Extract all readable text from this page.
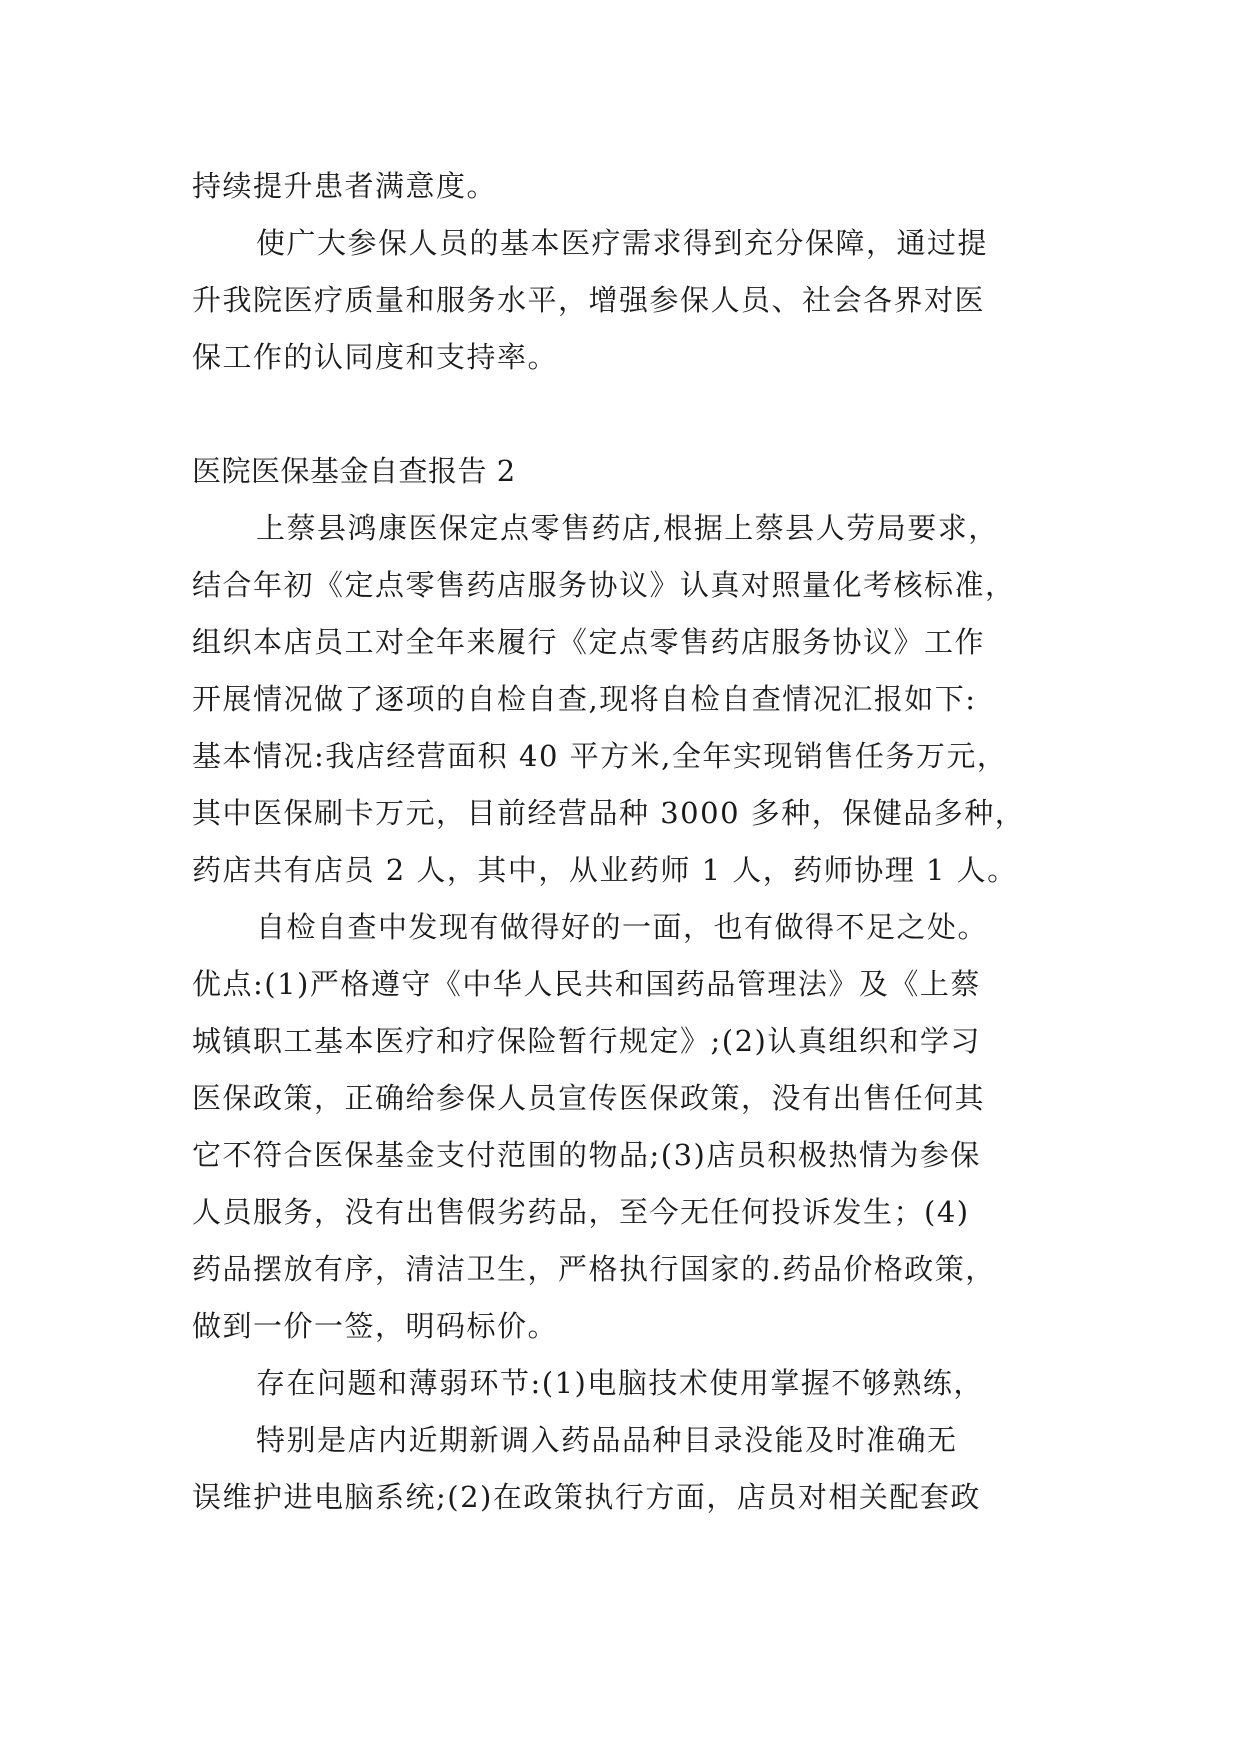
持续提升患者满意度。
使广大参保人员的基本医疗需求得到充分保障，通过提
升我院医疗质量和服务水平，增强参保人员、社会各界对医
保工作的认同度和支持率。
医院医保基金自查报告 2
上蔡县鸿康医保定点零售药店,根据上蔡县人劳局要求，
结合年初《定点零售药店服务协议》认真对照量化考核标准，
组织本店员工对全年来履行《定点零售药店服务协议》工作
开展情况做了逐项的自检自查,现将自检自查情况汇报如下:
基本情况:我店经营面积 40 平方米,全年实现销售任务万元，
其中医保刷卡万元，目前经营品种 3000 多种，保健品多种，
药店共有店员 2 人，其中，从业药师 1 人，药师协理 1 人。
自检自查中发现有做得好的一面，也有做得不足之处。
优点:(1)严格遵守《中华人民共和国药品管理法》及《上蔡
城镇职工基本医疗和疗保险暂行规定》;(2)认真组织和学习
医保政策，正确给参保人员宣传医保政策，没有出售任何其
它不符合医保基金支付范围的物品;(3)店员积极热情为参保
人员服务，没有出售假劣药品，至今无任何投诉发生；(4)
药品摆放有序，清洁卫生，严格执行国家的.药品价格政策，
做到一价一签，明码标价。
存在问题和薄弱环节:(1)电脑技术使用掌握不够熟练，
特别是店内近期新调入药品品种目录没能及时准确无
误维护进电脑系统;(2)在政策执行方面，店员对相关配套政
